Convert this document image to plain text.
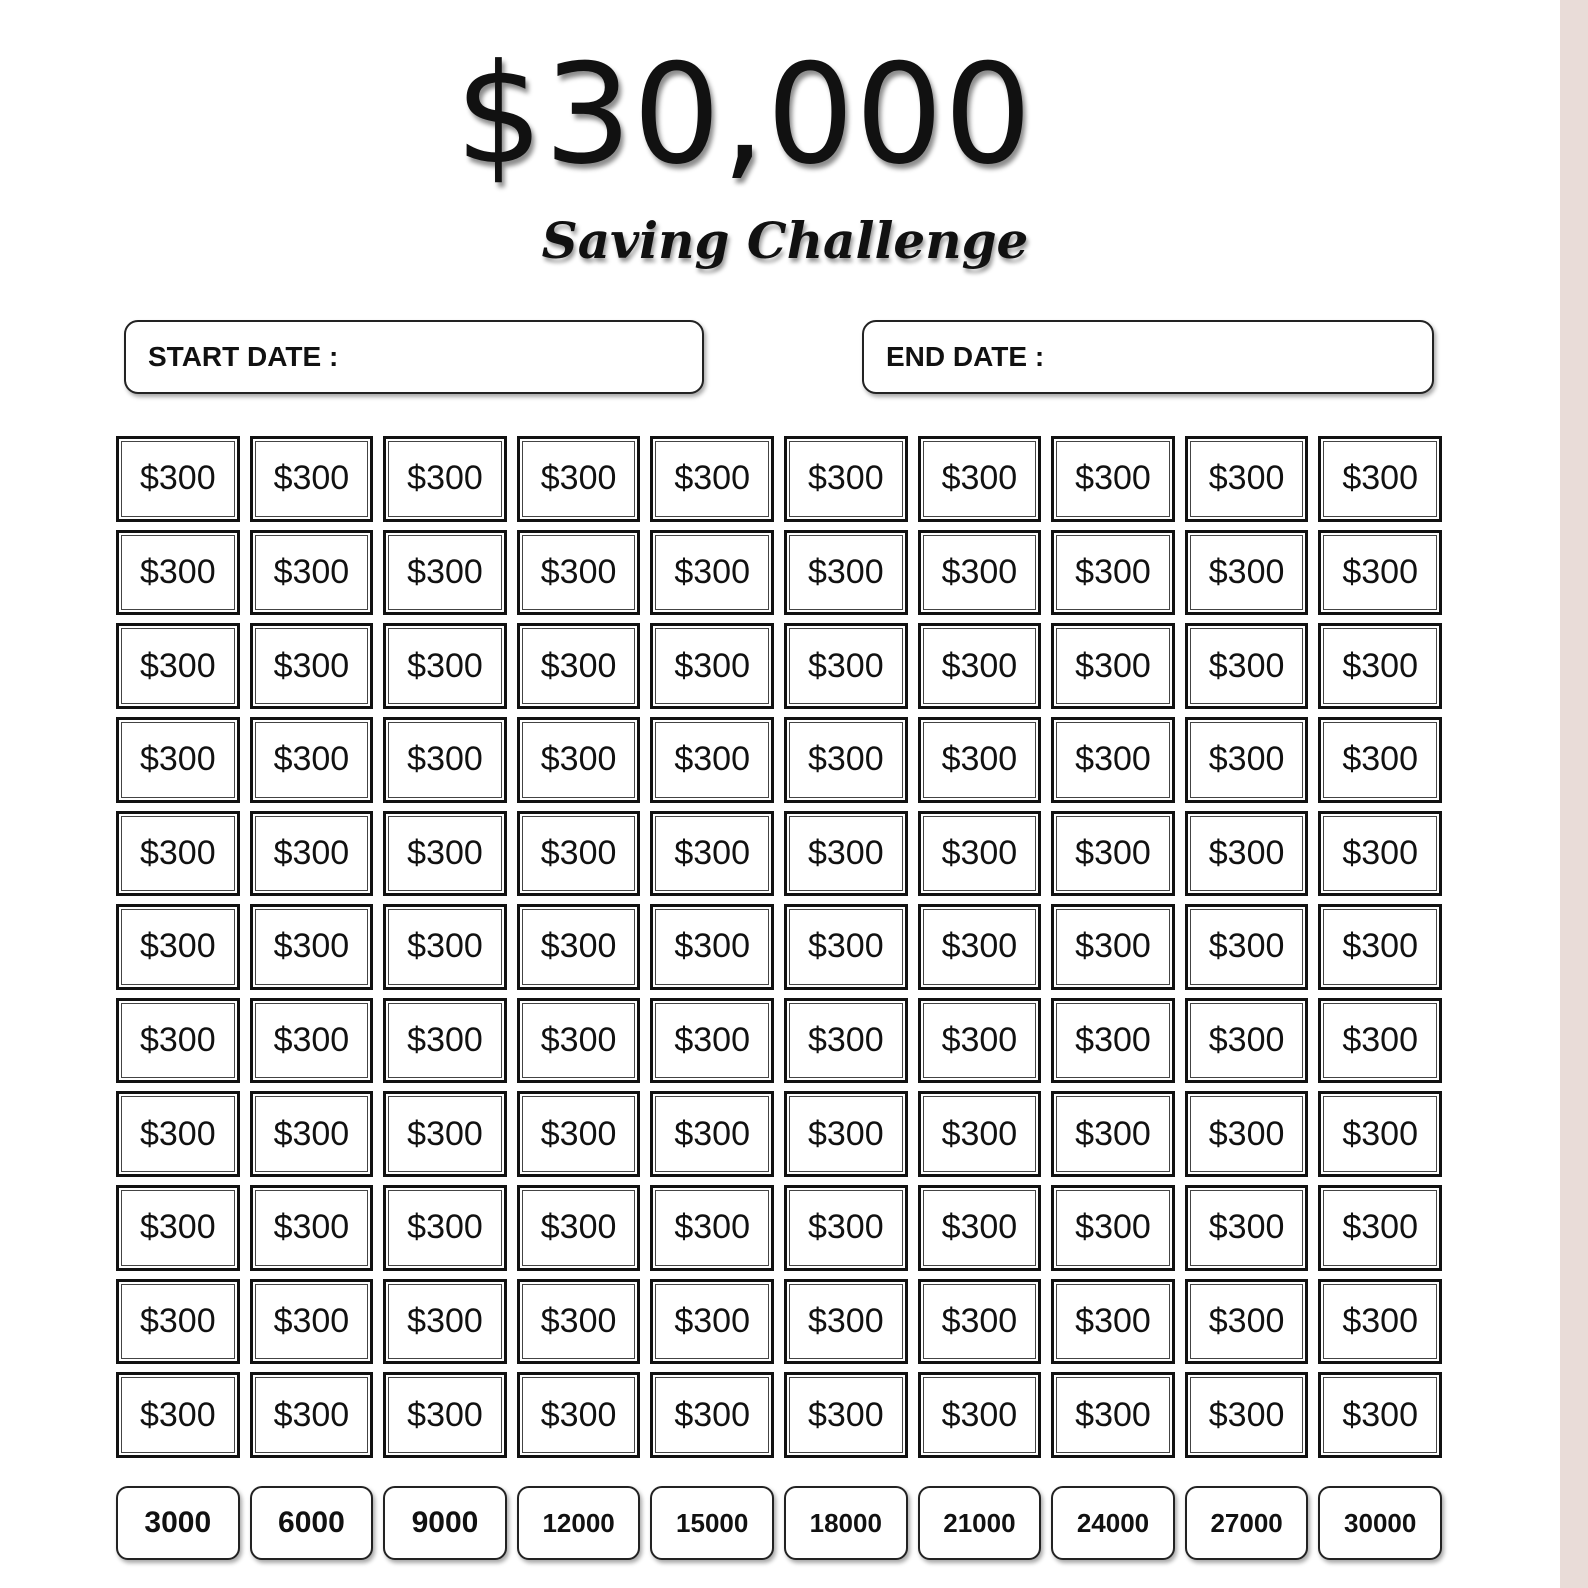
$30,000
Saving Challenge
START DATE :	END DATE :
$300 $300 $300 $300 $300 $300 $300 $300 $300 $300
$300 $300 $300 $300 $300 $300 $300 $300 $300 $300
$300 $300 $300 $300 $300 $300 $300 $300 $300 $300
$300 $300 $300 $300 $300 $300 $300 $300 $300 $300
$300 $300 $300 $300 $300 $300 $300 $300 $300 $300
$300 $300 $300 $300 $300 $300 $300 $300 $300 $300
$300 $300 $300 $300 $300 $300 $300 $300 $300 $300
$300 $300 $300 $300 $300 $300 $300 $300 $300 $300
$300 $300 $300 $300 $300 $300 $300 $300 $300 $300
$300 $300 $300 $300 $300 $300 $300 $300 $300 $300
$300 $300 $300 $300 $300 $300 $300 $300 $300 $300
3000 6000 9000 12000 15000 18000 21000 24000 27000 30000
